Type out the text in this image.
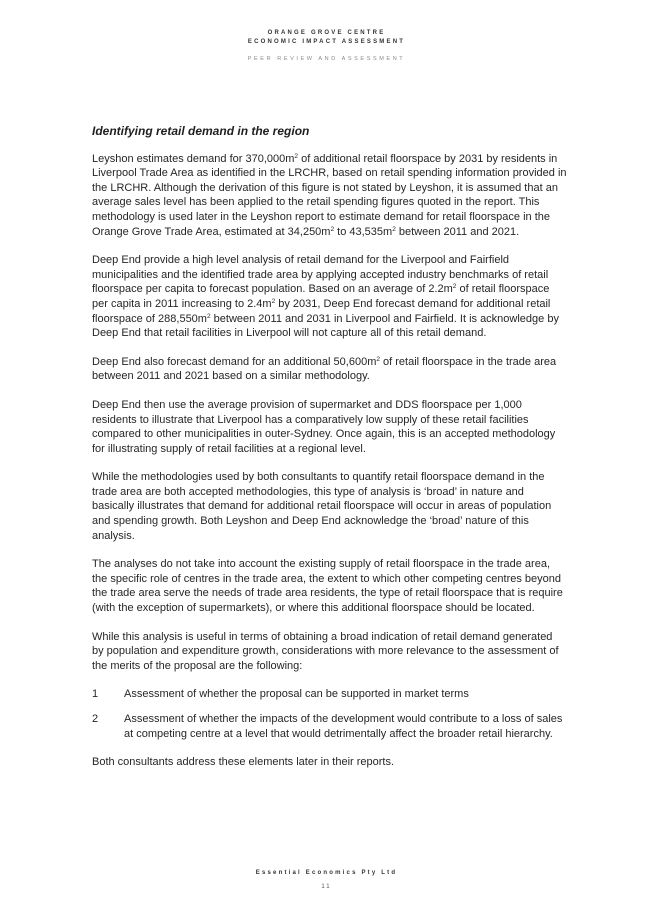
ORANGE GROVE CENTRE
ECONOMIC IMPACT ASSESSMENT
PEER REVIEW AND ASSESSMENT
Identifying retail demand in the region

Leyshon estimates demand for $370,000m^2$ of additional retail floorspace by 2031 by residents in Liverpool Trade Area as identified in the LRCHR, based on retail spending information provided in the LRCHR. Although the derivation of this figure is not stated by Leyshon, it is assumed that an average sales level has been applied to the retail spending figures quoted in the report. This methodology is used later in the Leyshon report to estimate demand for retail floorspace in the Orange Grove Trade Area, estimated at $34,250m^2$ to $43,535m^2$ between 2011 and 2021.

Deep End provide a high level analysis of retail demand for the Liverpool and Fairfield municipalities and the identified trade area by applying accepted industry benchmarks of retail floorspace per capita to forecast population. Based on an average of $2.2m^2$ of retail floorspace per capita in 2011 increasing to $2.4m^2$ by 2031, Deep End forecast demand for additional retail floorspace of $288,550m^2$ between 2011 and 2031 in Liverpool and Fairfield. It is acknowledge by Deep End that retail facilities in Liverpool will not capture all of this retail demand.

Deep End also forecast demand for an additional $50,600m^2$ of retail floorspace in the trade area between 2011 and 2021 based on a similar methodology.

Deep End then use the average provision of supermarket and DDS floorspace per 1,000 residents to illustrate that Liverpool has a comparatively low supply of these retail facilities compared to other municipalities in outer-Sydney. Once again, this is an accepted methodology for illustrating supply of retail facilities at a regional level.

While the methodologies used by both consultants to quantify retail floorspace demand in the trade area are both accepted methodologies, this type of analysis is ‘broad’ in nature and basically illustrates that demand for additional retail floorspace will occur in areas of population and spending growth. Both Leyshon and Deep End acknowledge the ‘broad’ nature of this analysis.

The analyses do not take into account the existing supply of retail floorspace in the trade area, the specific role of centres in the trade area, the extent to which other competing centres beyond the trade area serve the needs of trade area residents, the type of retail floorspace that is require (with the exception of supermarkets), or where this additional floorspace should be located.

While this analysis is useful in terms of obtaining a broad indication of retail demand generated by population and expenditure growth, considerations with more relevance to the assessment of the merits of the proposal are the following:

1	Assessment of whether the proposal can be supported in market terms
2	Assessment of whether the impacts of the development would contribute to a loss of sales at competing centre at a level that would detrimentally affect the broader retail hierarchy.

Both consultants address these elements later in their reports.

Essential Economics Pty Ltd
11
